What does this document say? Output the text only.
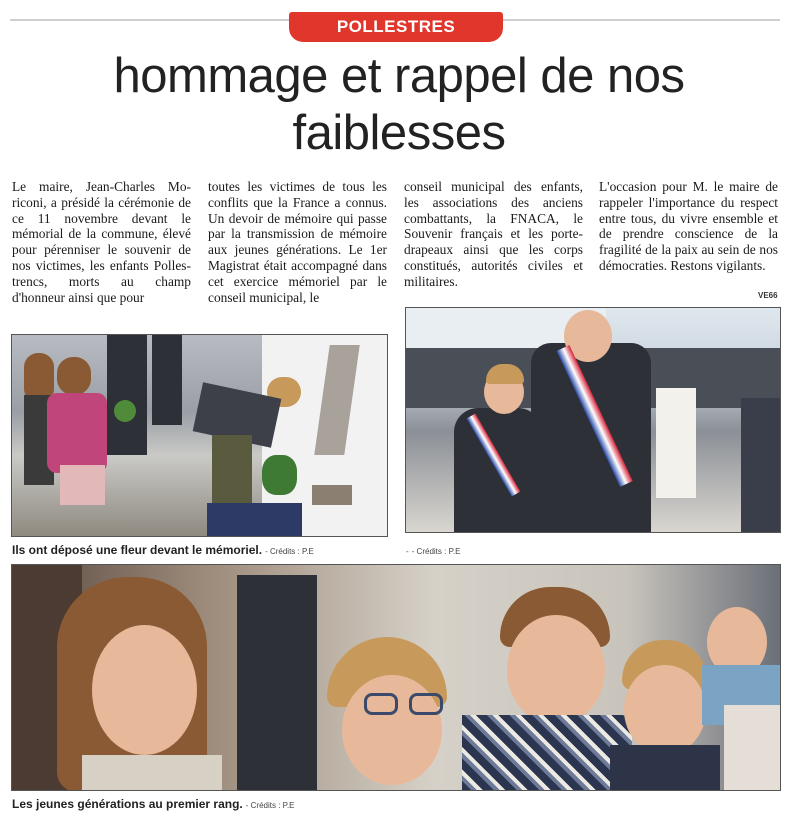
POLLESTRES
hommage et rappel de nos faiblesses

Le maire, Jean-Charles Moriconi, a présidé la cérémonie de ce 11 novembre devant le mémorial de la commune, élevé pour pérenniser le souvenir de nos victimes, les enfants Pollestrencs, morts au champ d'honneur ainsi que pour

toutes les victimes de tous les conflits que la France a connus. Un devoir de mémoire qui passe par la transmission de mémoire aux jeunes générations. Le 1er Magistrat était accompagné dans cet exercice mémoriel par le conseil municipal, le

conseil municipal des enfants, les associations des anciens combattants, la FNACA, le Souvenir français et les porte-drapeaux ainsi que les corps constitués, autorités civiles et militaires.

L'occasion pour M. le maire de rappeler l'importance du respect entre tous, du vivre ensemble et de prendre conscience de la fragilité de la paix au sein de nos démocraties. Restons vigilants.

VE66
Ils ont déposé une fleur devant le mémoriel. - Crédits : P.E	- - Crédits : P.E
Les jeunes générations au premier rang. - Crédits : P.E
